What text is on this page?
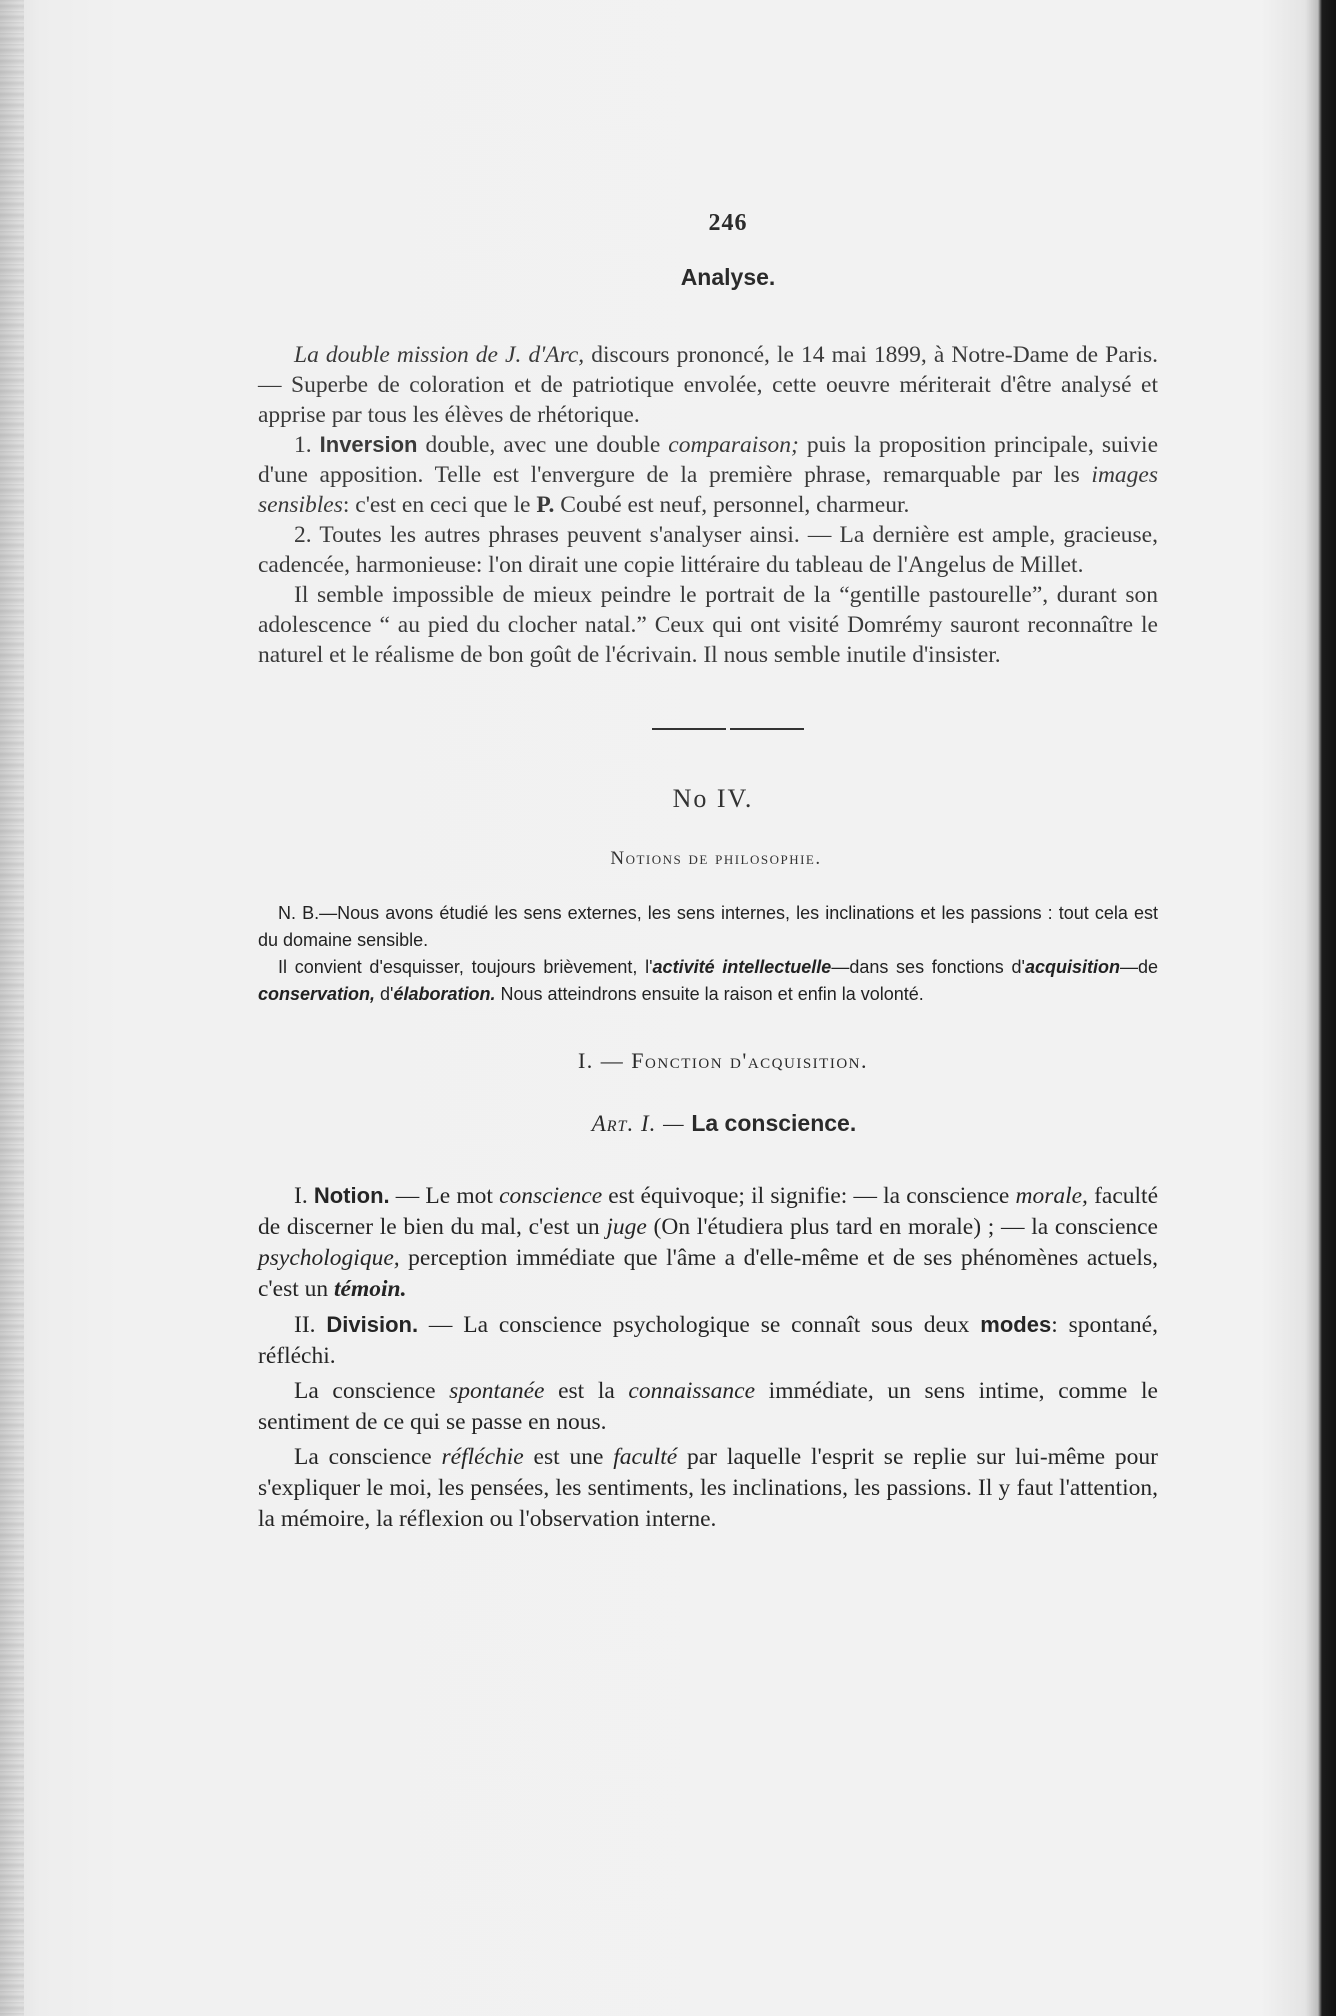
246
Analyse.

La double mission de J. d'Arc, discours prononcé, le 14 mai 1899, à Notre-Dame de Paris. — Superbe de coloration et de patriotique envolée, cette oeuvre mériterait d'être analysé et apprise par tous les élèves de rhétorique.

1. Inversion double, avec une double comparaison; puis la proposition principale, suivie d'une apposition. Telle est l'envergure de la première phrase, remarquable par les images sensibles: c'est en ceci que le P. Coubé est neuf, personnel, charmeur.

2. Toutes les autres phrases peuvent s'analyser ainsi. — La dernière est ample, gracieuse, cadencée, harmonieuse: l'on dirait une copie littéraire du tableau de l'Angelus de Millet.

Il semble impossible de mieux peindre le portrait de la “gentille pastourelle”, durant son adolescence “ au pied du clocher natal.” Ceux qui ont visité Domrémy sauront reconnaître le naturel et le réalisme de bon goût de l'écrivain. Il nous semble inutile d'insister.

No IV.
Notions de philosophie.

N. B.—Nous avons étudié les sens externes, les sens internes, les inclinations et les passions : tout cela est du domaine sensible.

Il convient d'esquisser, toujours brièvement, l'activité intellectuelle—dans ses fonctions d'acquisition—de conservation, d'élaboration. Nous atteindrons ensuite la raison et enfin la volonté.

I. — Fonction d'acquisition.
Art. I. — La conscience.

I. Notion. — Le mot conscience est équivoque; il signifie: — la conscience morale, faculté de discerner le bien du mal, c'est un juge (On l'étudiera plus tard en morale) ; — la conscience psychologique, perception immédiate que l'âme a d'elle-même et de ses phénomènes actuels, c'est un témoin.

II. Division. — La conscience psychologique se connaît sous deux modes: spontané, réfléchi.

La conscience spontanée est la connaissance immédiate, un sens intime, comme le sentiment de ce qui se passe en nous.

La conscience réfléchie est une faculté par laquelle l'esprit se replie sur lui-même pour s'expliquer le moi, les pensées, les sentiments, les inclinations, les passions. Il y faut l'attention, la mémoire, la réflexion ou l'observation interne.
